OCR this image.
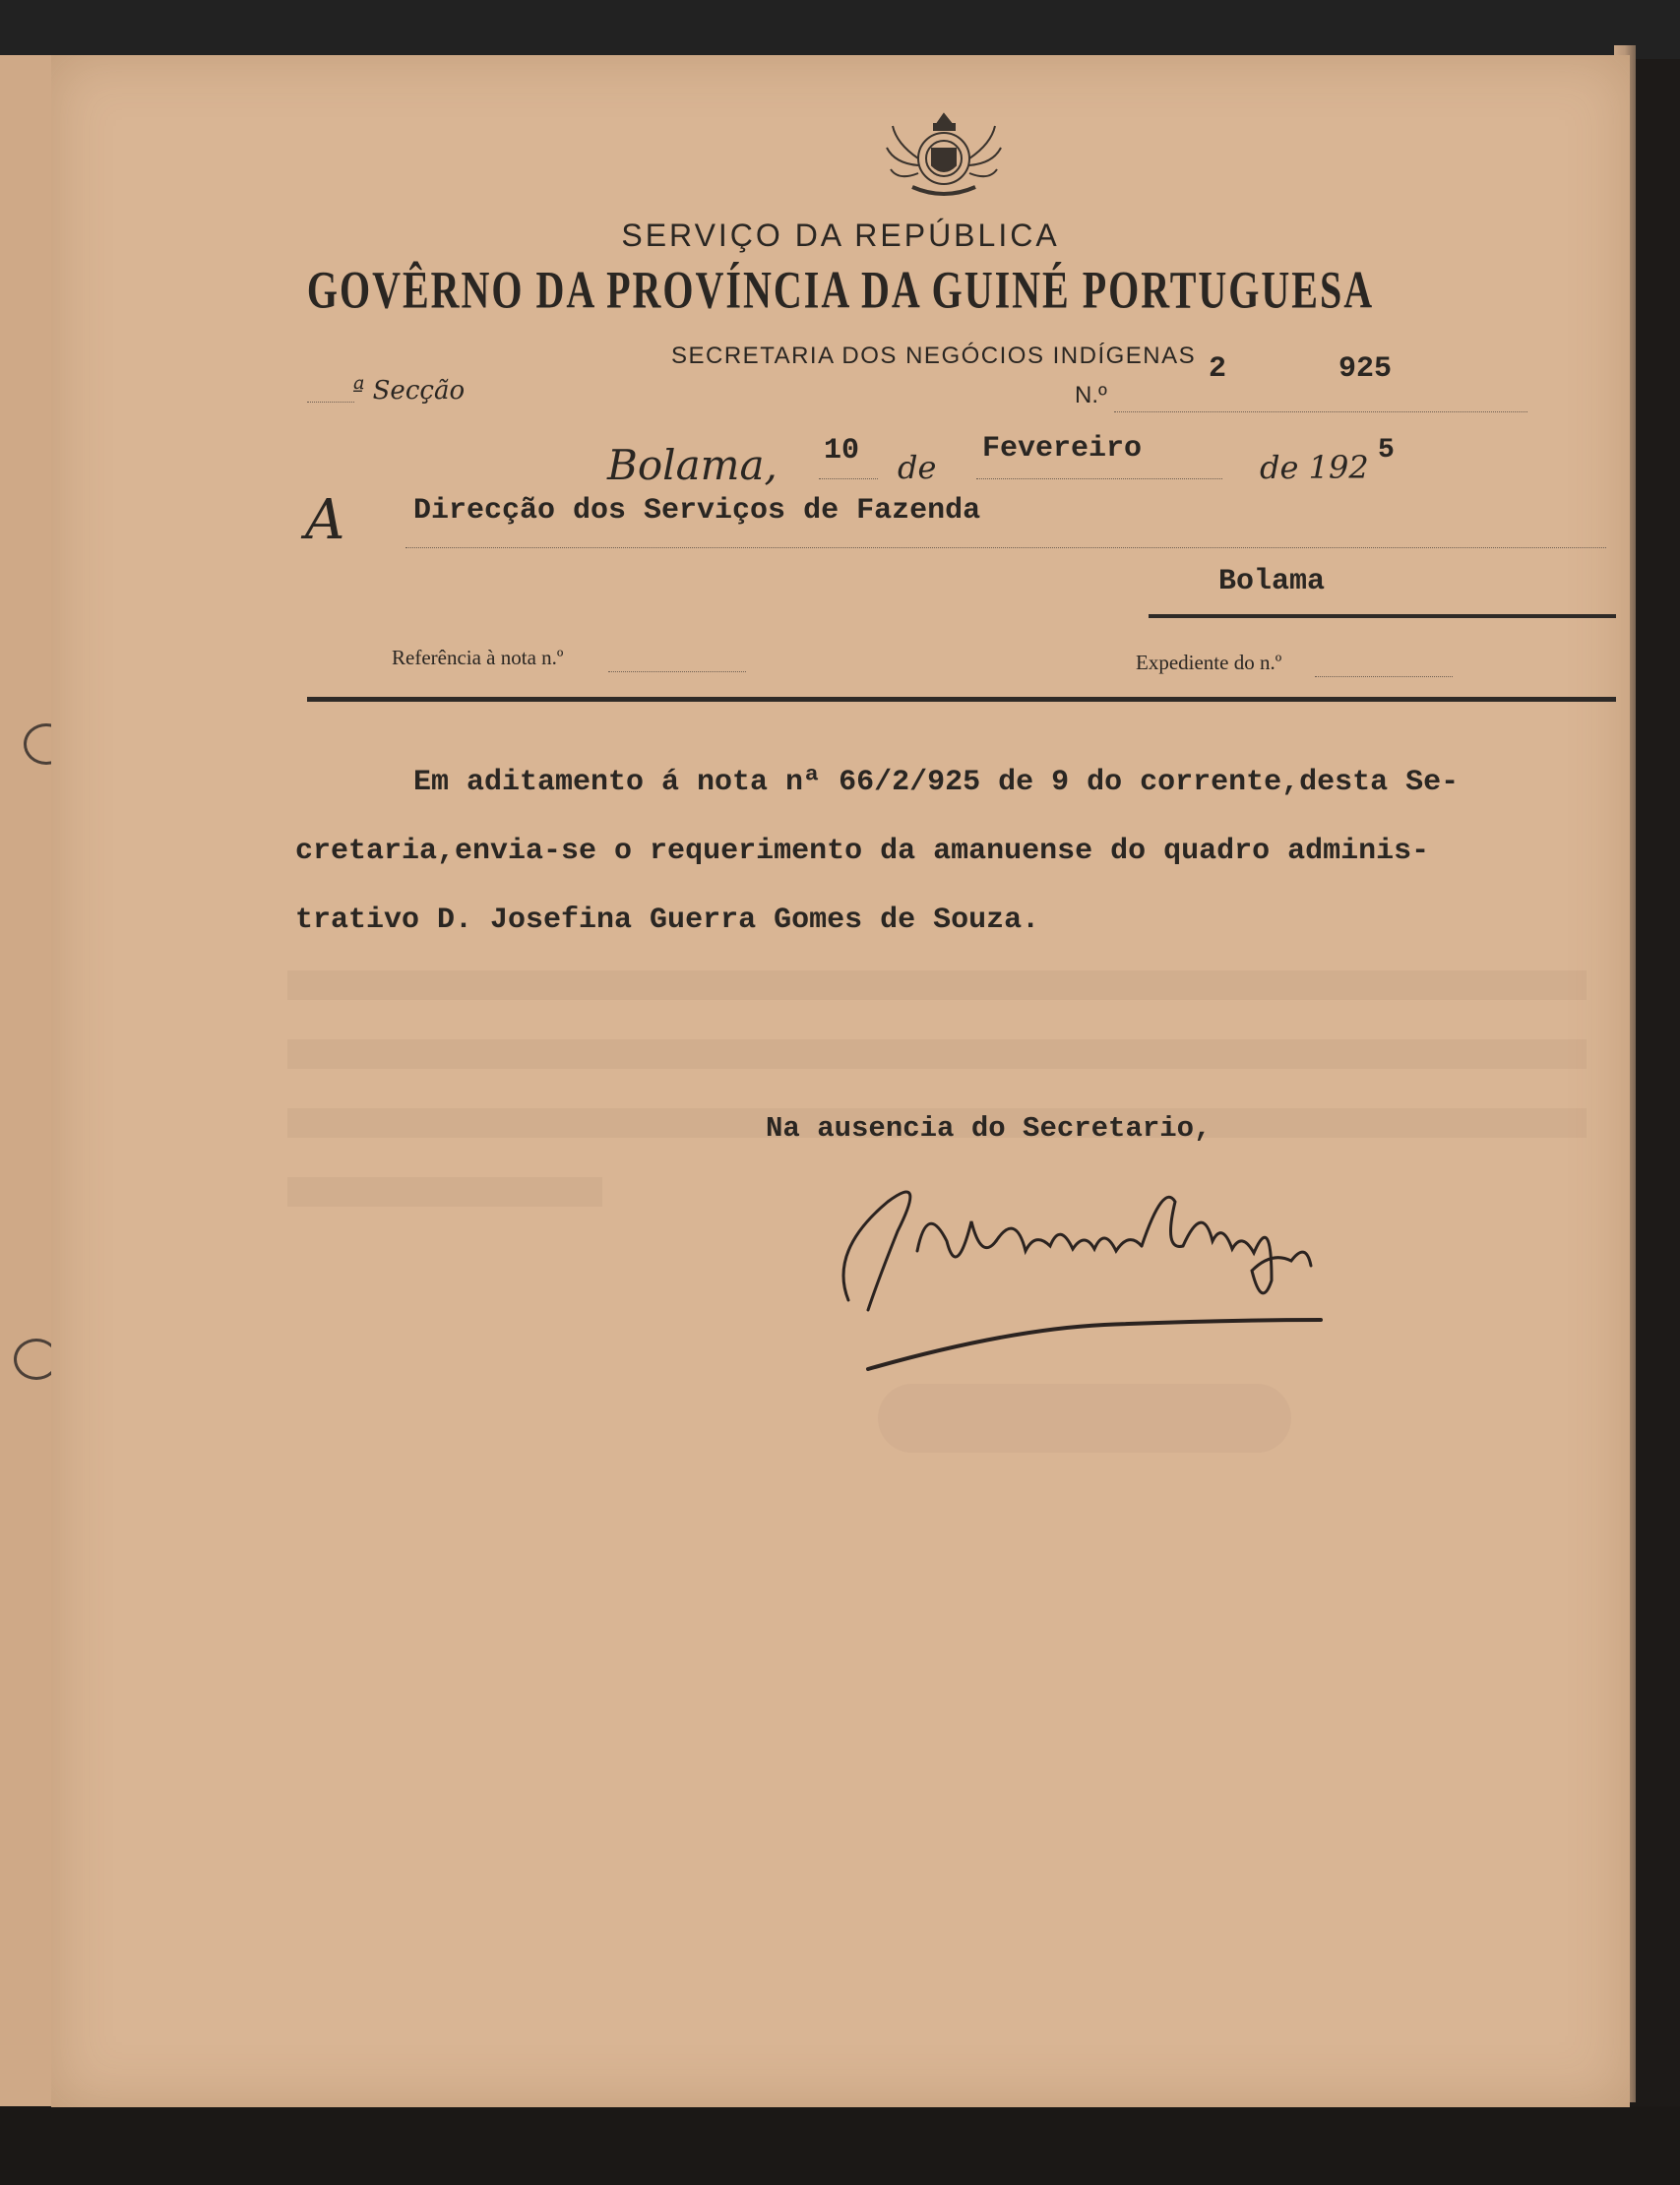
SERVIÇO DA REPÚBLICA
GOVÊRNO DA PROVÍNCIA DA GUINÉ PORTUGUESA
SECRETARIA DOS NEGÓCIOS INDÍGENAS
ª Secção	N.º
2	925
Bolama, 10 de Fevereiro	de 192 5
A Direcção dos Serviços de Fazenda
Bolama
Referência à nota n.º	Expediente do n.º
Em aditamento á nota nª 66/2/925 de 9 do corrente,desta Se-
cretaria,envia-se o requerimento da amanuense do quadro adminis-
trativo D. Josefina Guerra Gomes de Souza.
Na ausencia do Secretario,
